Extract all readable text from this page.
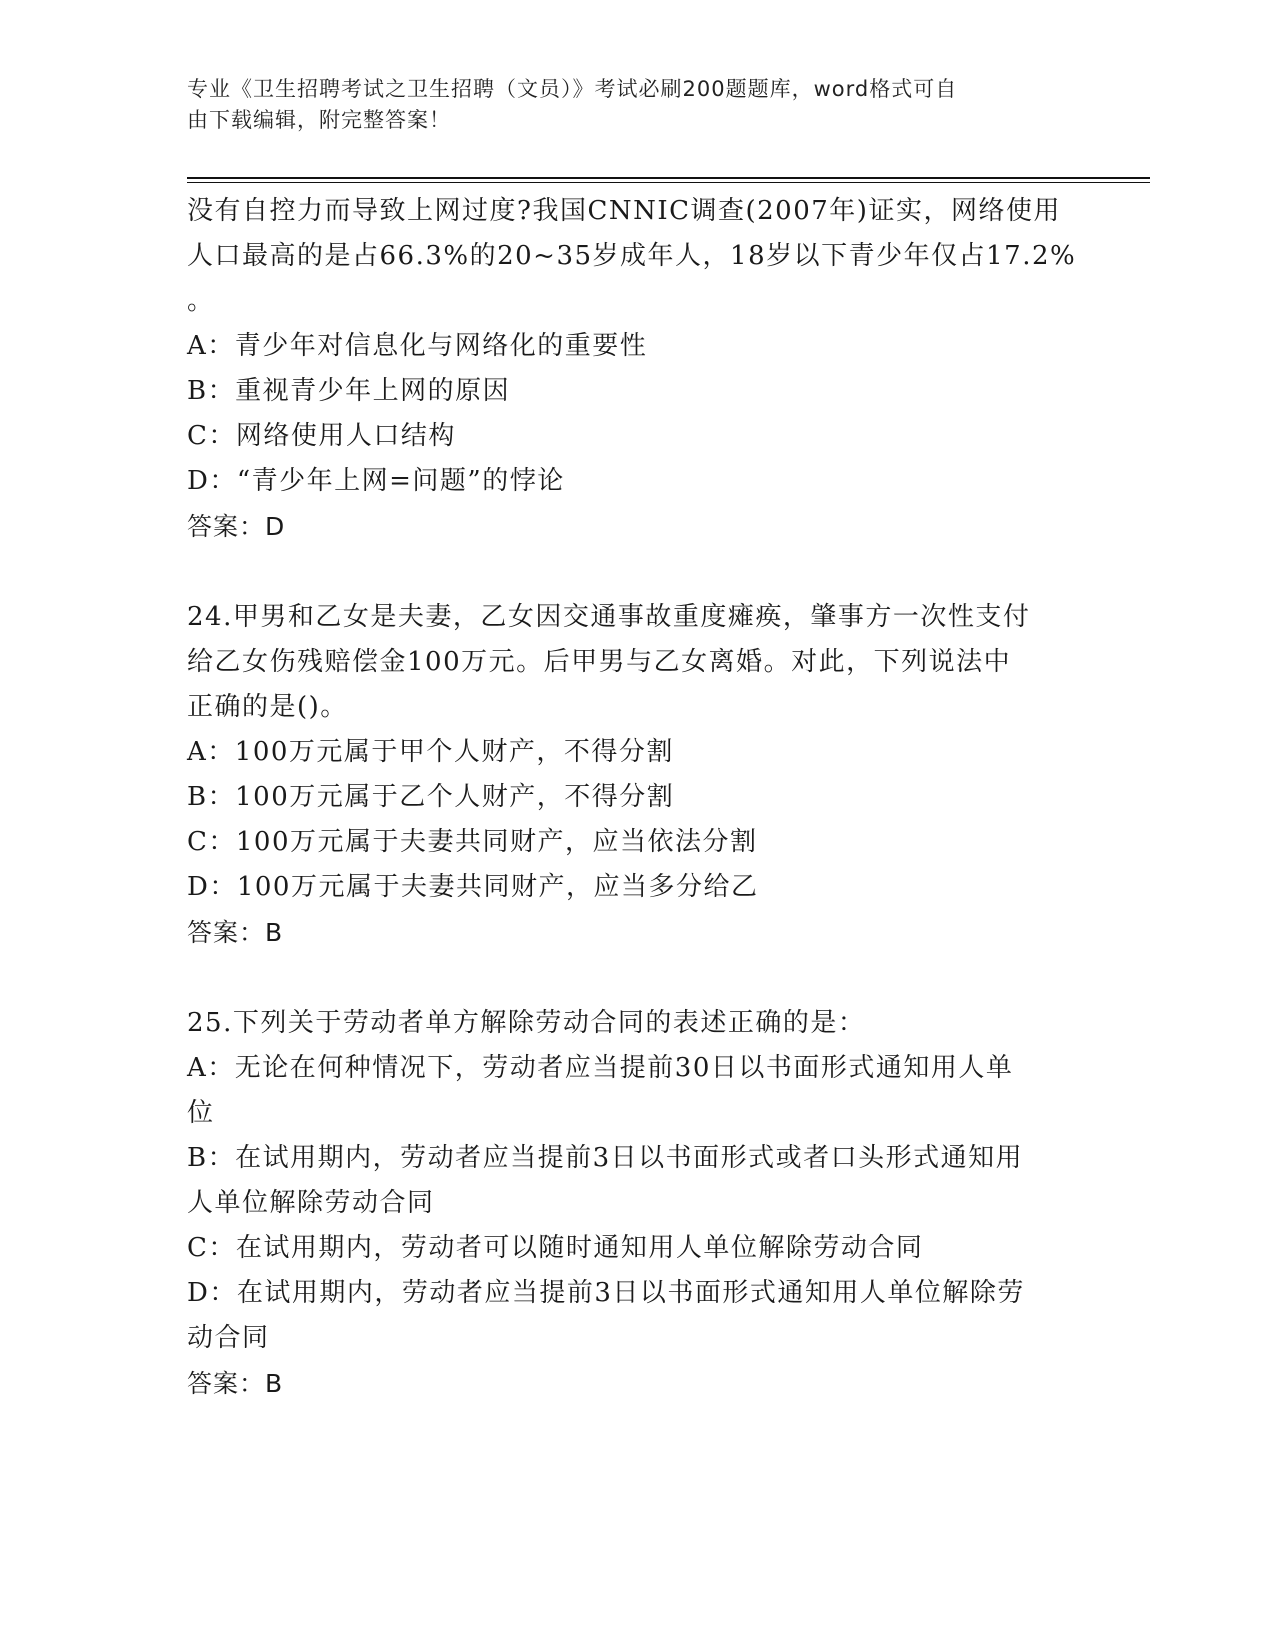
专业《卫生招聘考试之卫生招聘（文员）》考试必刷200题题库，word格式可自
由下载编辑，附完整答案！
没有自控力而导致上网过度?我国CNNIC调查(2007年)证实，网络使用
人口最高的是占66.3%的20~35岁成年人，18岁以下青少年仅占17.2%
。
A：青少年对信息化与网络化的重要性
B：重视青少年上网的原因
C：网络使用人口结构
D：“青少年上网=问题”的悖论
答案：D
24.甲男和乙女是夫妻，乙女因交通事故重度瘫痪，肇事方一次性支付
给乙女伤残赔偿金100万元。后甲男与乙女离婚。对此，下列说法中
正确的是()。
A：100万元属于甲个人财产，不得分割
B：100万元属于乙个人财产，不得分割
C：100万元属于夫妻共同财产，应当依法分割
D：100万元属于夫妻共同财产，应当多分给乙
答案：B
25.下列关于劳动者单方解除劳动合同的表述正确的是：
A：无论在何种情况下，劳动者应当提前30日以书面形式通知用人单
位
B：在试用期内，劳动者应当提前3日以书面形式或者口头形式通知用
人单位解除劳动合同
C：在试用期内，劳动者可以随时通知用人单位解除劳动合同
D：在试用期内，劳动者应当提前3日以书面形式通知用人单位解除劳
动合同
答案：B
